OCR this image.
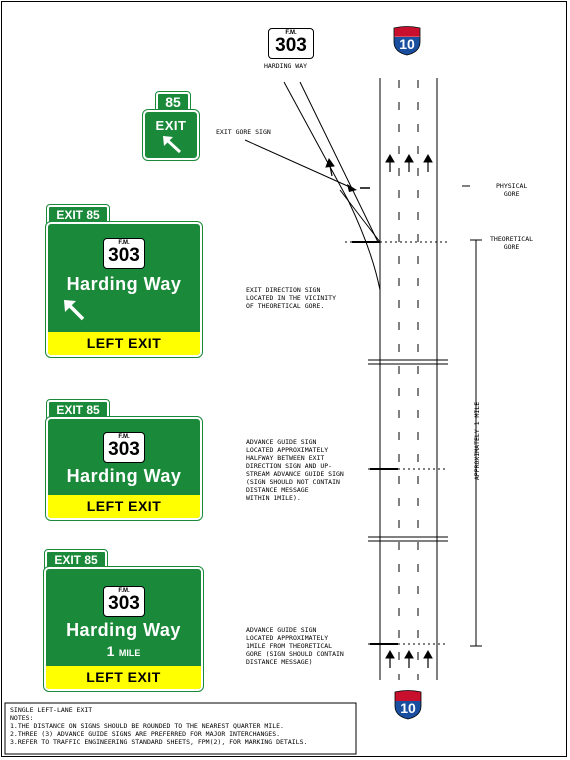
F.M.
303
HARDING WAY
10
10
85
EXIT	EXIT GORE SIGN
PHYSICAL
GORE
THEORETICAL
GORE
APPROXIMATELY 1 MILE
EXIT 85
F.M.
303
Harding Way
LEFT EXIT
EXIT 85
F.M.
303
Harding Way
LEFT EXIT
EXIT 85
F.M.
303
Harding Way
1 MILE
LEFT EXIT
EXIT DIRECTION SIGN
LOCATED IN THE VICINITY
OF THEORETICAL GORE.
ADVANCE GUIDE SIGN
LOCATED APPROXIMATELY
HALFWAY BETWEEN EXIT
DIRECTION SIGN AND UP-
STREAM ADVANCE GUIDE SIGN
(SIGN SHOULD NOT CONTAIN
DISTANCE MESSAGE
WITHIN 1MILE).
ADVANCE GUIDE SIGN
LOCATED APPROXIMATELY
1MILE FROM THEORETICAL
GORE (SIGN SHOULD CONTAIN
DISTANCE MESSAGE)
SINGLE LEFT-LANE EXIT
NOTES:
1.THE DISTANCE ON SIGNS SHOULD BE ROUNDED TO THE NEAREST QUARTER MILE.
2.THREE (3) ADVANCE GUIDE SIGNS ARE PREFERRED FOR MAJOR INTERCHANGES.
3.REFER TO TRAFFIC ENGINEERING STANDARD SHEETS, FPM(2), FOR MARKING DETAILS.
